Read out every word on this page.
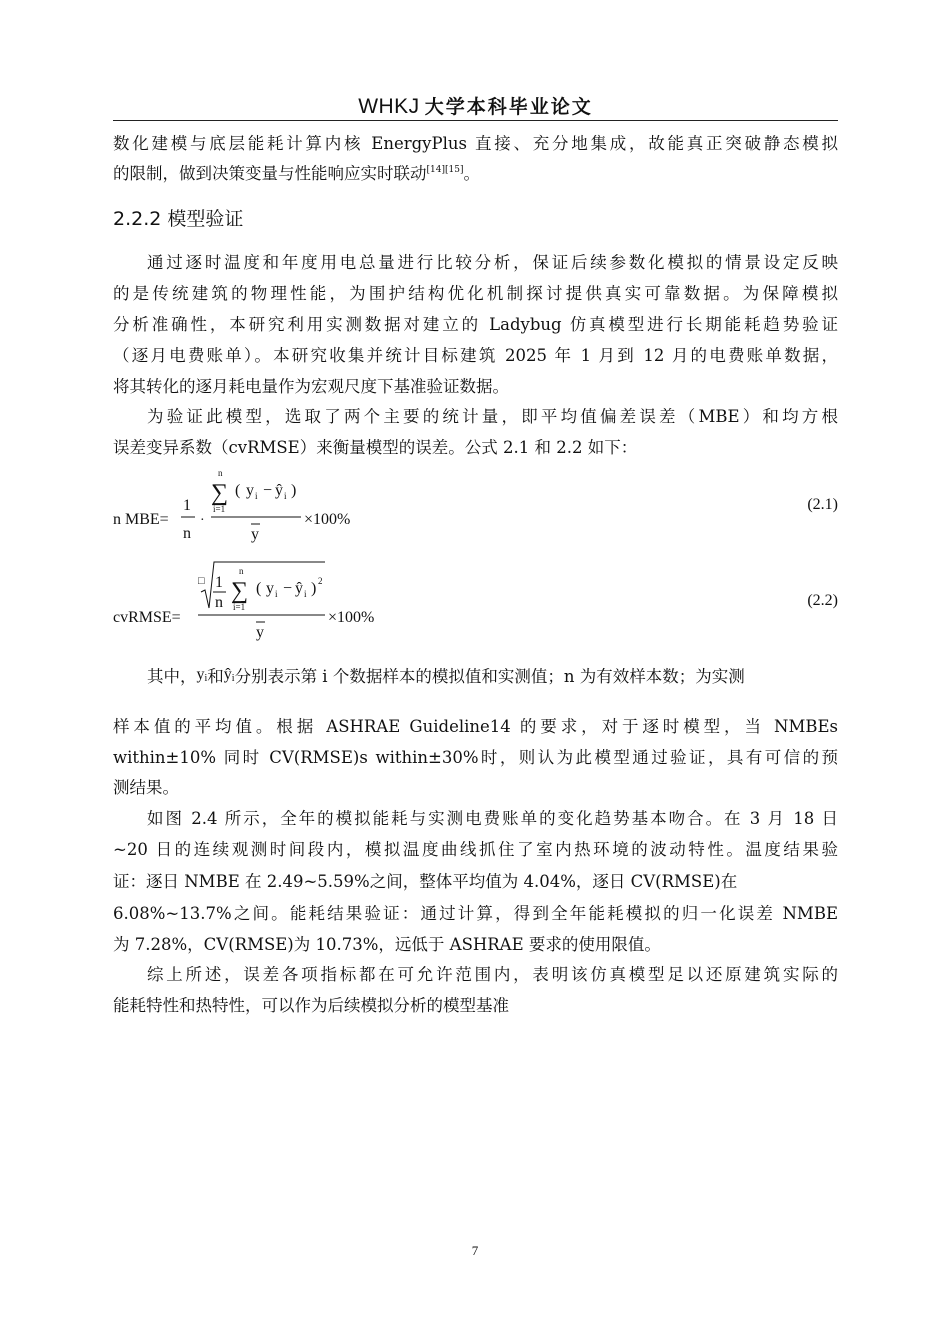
WHKJ 大学本科毕业论文
数化建模与底层能耗计算内核 EnergyPlus 直接、充分地集成，故能真正突破静态模拟
的限制，做到决策变量与性能响应实时联动[14][15]。
2.2.2 模型验证
通过逐时温度和年度用电总量进行比较分析，保证后续参数化模拟的情景设定反映
的是传统建筑的物理性能，为围护结构优化机制探讨提供真实可靠数据。为保障模拟
分析准确性，本研究利用实测数据对建立的 Ladybug 仿真模型进行长期能耗趋势验证
（逐月电费账单）。本研究收集并统计目标建筑 2025 年 1 月到 12 月的电费账单数据，
将其转化的逐月耗电量作为宏观尺度下基准验证数据。
为验证此模型，选取了两个主要的统计量，即平均值偏差误差（MBE）和均方根
误差变异系数（cvRMSE）来衡量模型的误差。公式 2.1 和 2.2 如下：
n MBE=
1
n
·
n
∑
i=1
( y i − ŷ i )
y
×100%
(2.1)
cvRMSE=
□ 1
n
n
∑
i=1
( y i − ŷ i ) 2
y
×100%
(2.2)
其中，$y_i$和$ŷ_i$分别表示第 i 个数据样本的模拟值和实测值；n 为有效样本数；为实测
样本值的平均值。根据 ASHRAE Guideline14 的要求，对于逐时模型，当 NMBEs
within±10% 同时 CV(RMSE)s within±30%时，则认为此模型通过验证，具有可信的预
测结果。
如图 2.4 所示，全年的模拟能耗与实测电费账单的变化趋势基本吻合。在 3 月 18 日
~20 日的连续观测时间段内，模拟温度曲线抓住了室内热环境的波动特性。温度结果验
证：逐日 NMBE 在 2.49~5.59%之间，整体平均值为 4.04%，逐日 CV(RMSE)在
6.08%~13.7%之间。能耗结果验证：通过计算，得到全年能耗模拟的归一化误差 NMBE
为 7.28%，CV(RMSE)为 10.73%，远低于 ASHRAE 要求的使用限值。
综上所述，误差各项指标都在可允许范围内，表明该仿真模型足以还原建筑实际的
能耗特性和热特性，可以作为后续模拟分析的模型基准
7
